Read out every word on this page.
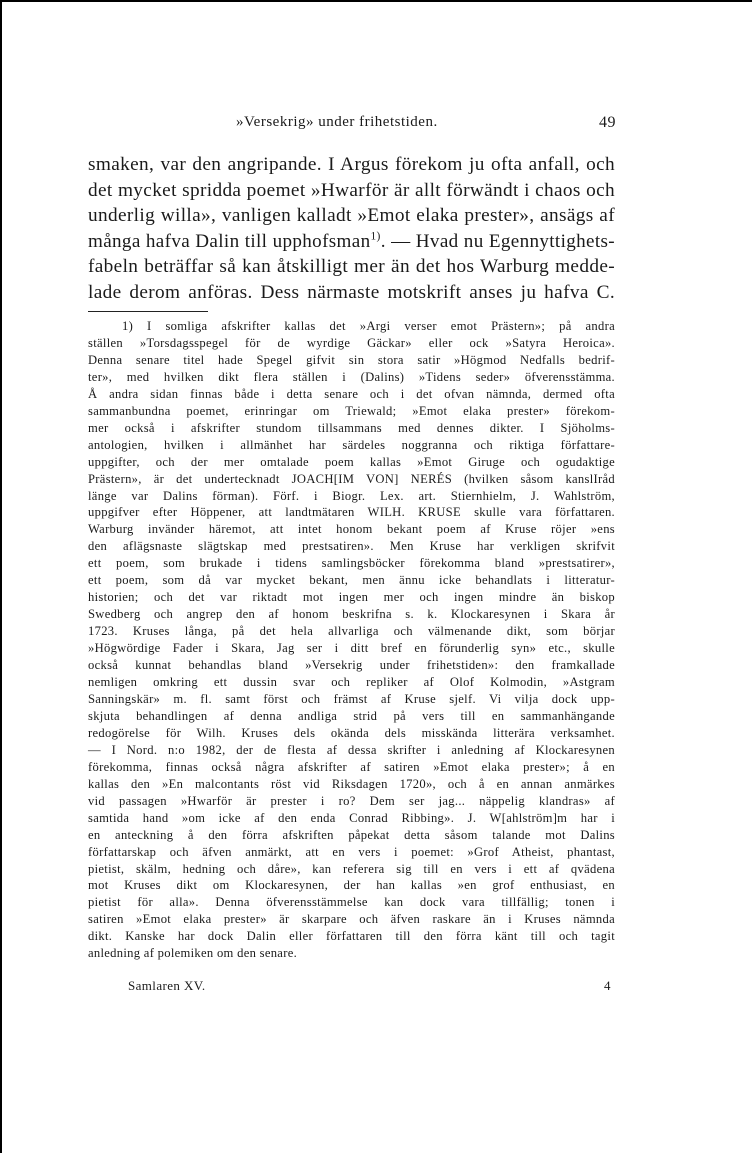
»Versekrig» under frihetstiden.	49
smaken, var den angripande. I Argus förekom ju ofta anfall, och
det mycket spridda poemet »Hwarför är allt förwändt i chaos och
underlig willa», vanligen kalladt »Emot elaka prester», ansägs af
många hafva Dalin till upphofsman$^{1)}$. — Hvad nu Egennyttighets-
fabeln beträffar så kan åtskilligt mer än det hos Warburg medde-
lade derom anföras. Dess närmaste motskrift anses ju hafva C.
1) I somliga afskrifter kallas det »Argi verser emot Prästern»; på andra
ställen »Torsdagsspegel för de wyrdige Gäckar» eller ock »Satyra Heroica».
Denna senare titel hade Spegel gifvit sin stora satir »Högmod Nedfalls bedrif-
ter», med hvilken dikt flera ställen i (Dalins) »Tidens seder» öfverensstämma.
Å andra sidan finnas både i detta senare och i det ofvan nämnda, dermed ofta
sammanbundna poemet, erinringar om Triewald; »Emot elaka prester» förekom-
mer också i afskrifter stundom tillsammans med dennes dikter. I Sjöholms-
antologien, hvilken i allmänhet har särdeles noggranna och riktiga författare-
uppgifter, och der mer omtalade poem kallas »Emot Giruge och ogudaktige
Prästern», är det undertecknadt JOACH[IM VON] NERÉS (hvilken såsom kanslIråd
länge var Dalins förman). Förf. i Biogr. Lex. art. Stiernhielm, J. Wahlström,
uppgifver efter Höppener, att landtmätaren WILH. KRUSE skulle vara författaren.
Warburg invänder häremot, att intet honom bekant poem af Kruse röjer »ens
den aflägsnaste slägtskap med prestsatiren». Men Kruse har verkligen skrifvit
ett poem, som brukade i tidens samlingsböcker förekomma bland »prestsatirer»,
ett poem, som då var mycket bekant, men ännu icke behandlats i litteratur-
historien; och det var riktadt mot ingen mer och ingen mindre än biskop
Swedberg och angrep den af honom beskrifna s. k. Klockaresynen i Skara år
1723. Kruses långa, på det hela allvarliga och välmenande dikt, som börjar
»Högwördige Fader i Skara, Jag ser i ditt bref en förunderlig syn» etc., skulle
också kunnat behandlas bland »Versekrig under frihetstiden»: den framkallade
nemligen omkring ett dussin svar och repliker af Olof Kolmodin, »Astgram
Sanningskär» m. fl. samt först och främst af Kruse sjelf. Vi vilja dock upp-
skjuta behandlingen af denna andliga strid på vers till en sammanhängande
redogörelse för Wilh. Kruses dels okända dels misskända litterära verksamhet.
— I Nord. n:o 1982, der de flesta af dessa skrifter i anledning af Klockaresynen
förekomma, finnas också några afskrifter af satiren »Emot elaka prester»; å en
kallas den »En malcontants röst vid Riksdagen 1720», och å en annan anmärkes
vid passagen »Hwarför är prester i ro? Dem ser jag... näppelig klandras» af
samtida hand »om icke af den enda Conrad Ribbing». J. W[ahlström]m har i
en anteckning å den förra afskriften påpekat detta såsom talande mot Dalins
författarskap och äfven anmärkt, att en vers i poemet: »Grof Atheist, phantast,
pietist, skälm, hedning och dåre», kan referera sig till en vers i ett af qvädena
mot Kruses dikt om Klockaresynen, der han kallas »en grof enthusiast, en
pietist för alla». Denna öfverensstämmelse kan dock vara tillfällig; tonen i
satiren »Emot elaka prester» är skarpare och äfven raskare än i Kruses nämnda
dikt. Kanske har dock Dalin eller författaren till den förra känt till och tagit
anledning af polemiken om den senare.
Samlaren XV.	4
